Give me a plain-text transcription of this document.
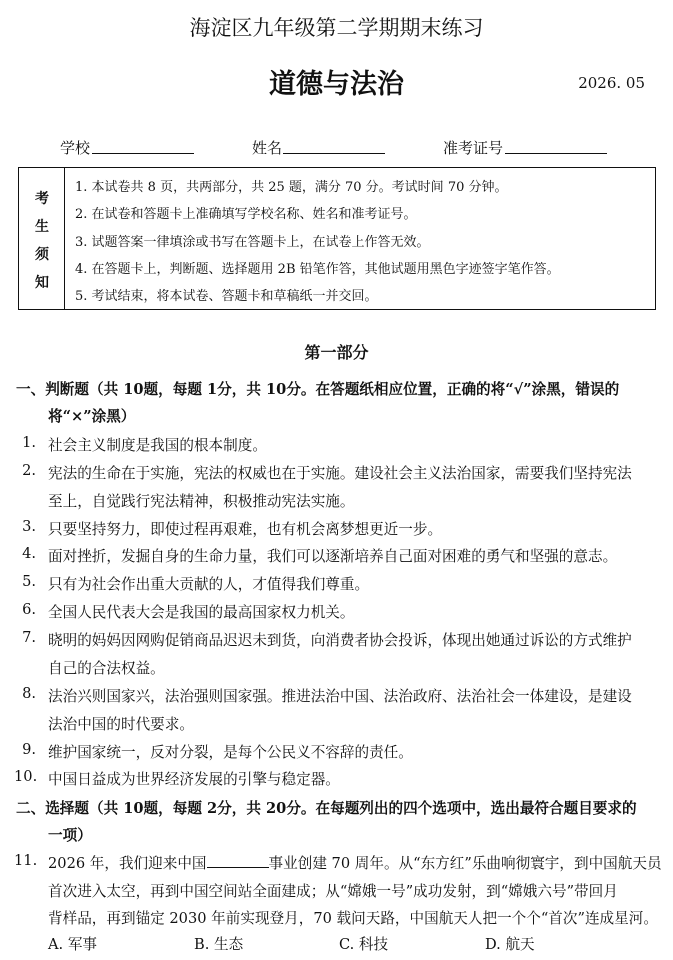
海淀区九年级第二学期期末练习
道德与法治	2026. 05
学校	姓名	准考证号
考
生
须
知
1. 本试卷共 8 页，共两部分，共 25 题，满分 70 分。考试时间 70 分钟。
2. 在试卷和答题卡上准确填写学校名称、姓名和准考证号。
3. 试题答案一律填涂或书写在答题卡上，在试卷上作答无效。
4. 在答题卡上，判断题、选择题用 2B 铅笔作答，其他试题用黑色字迹签字笔作答。
5. 考试结束，将本试卷、答题卡和草稿纸一并交回。
第一部分
一、判断题（共 10题，每题 1分，共 10分。在答题纸相应位置，正确的将“√”涂黑，错误的
将“×”涂黑）
1. 社会主义制度是我国的根本制度。
2. 宪法的生命在于实施，宪法的权威也在于实施。建设社会主义法治国家，需要我们坚持宪法
至上，自觉践行宪法精神，积极推动宪法实施。
3. 只要坚持努力，即使过程再艰难，也有机会离梦想更近一步。
4. 面对挫折，发掘自身的生命力量，我们可以逐渐培养自己面对困难的勇气和坚强的意志。
5. 只有为社会作出重大贡献的人，才值得我们尊重。
6. 全国人民代表大会是我国的最高国家权力机关。
7. 晓明的妈妈因网购促销商品迟迟未到货，向消费者协会投诉，体现出她通过诉讼的方式维护
自己的合法权益。
8. 法治兴则国家兴，法治强则国家强。推进法治中国、法治政府、法治社会一体建设，是建设
法治中国的时代要求。
9. 维护国家统一，反对分裂，是每个公民义不容辞的责任。
10. 中国日益成为世界经济发展的引擎与稳定器。
二、选择题（共 10题，每题 2分，共 20分。在每题列出的四个选项中，选出最符合题目要求的
一项）
11. 2026 年，我们迎来中国	事业创建 70 周年。从“东方红”乐曲响彻寰宇，到中国航天员
首次进入太空，再到中国空间站全面建成；从“嫦娥一号”成功发射，到“嫦娥六号”带回月
背样品，再到锚定 2030 年前实现登月，70 载问天路，中国航天人把一个个“首次”连成星河。
A. 军事	B. 生态	C. 科技	D. 航天
